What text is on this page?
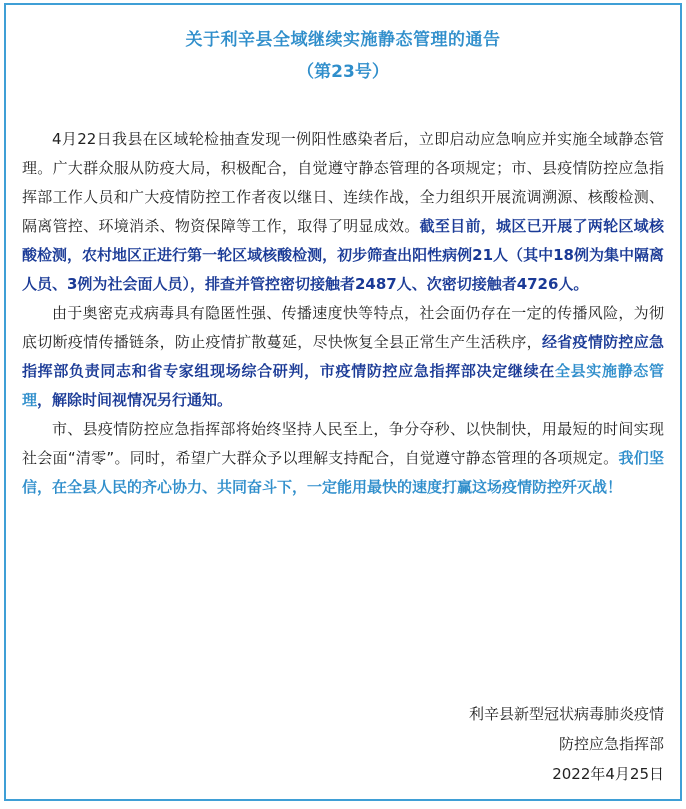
关于利辛县全域继续实施静态管理的通告
（第23号）

4月22日我县在区域轮检抽查发现一例阳性感染者后，立即启动应急响应并实施全域静态管理。广大群众服从防疫大局，积极配合，自觉遵守静态管理的各项规定；市、县疫情防控应急指挥部工作人员和广大疫情防控工作者夜以继日、连续作战，全力组织开展流调溯源、核酸检测、隔离管控、环境消杀、物资保障等工作，取得了明显成效。截至目前，城区已开展了两轮区域核酸检测，农村地区正进行第一轮区域核酸检测，初步筛查出阳性病例21人（其中18例为集中隔离人员、3例为社会面人员），排查并管控密切接触者2487人、次密切接触者4726人。

由于奥密克戎病毒具有隐匿性强、传播速度快等特点，社会面仍存在一定的传播风险，为彻底切断疫情传播链条，防止疫情扩散蔓延，尽快恢复全县正常生产生活秩序，经省疫情防控应急指挥部负责同志和省专家组现场综合研判，市疫情防控应急指挥部决定继续在全县实施静态管理，解除时间视情况另行通知。

市、县疫情防控应急指挥部将始终坚持人民至上，争分夺秒、以快制快，用最短的时间实现社会面“清零”。同时，希望广大群众予以理解支持配合，自觉遵守静态管理的各项规定。我们坚信，在全县人民的齐心协力、共同奋斗下，一定能用最快的速度打赢这场疫情防控歼灭战！

利辛县新型冠状病毒肺炎疫情
防控应急指挥部
2022年4月25日
